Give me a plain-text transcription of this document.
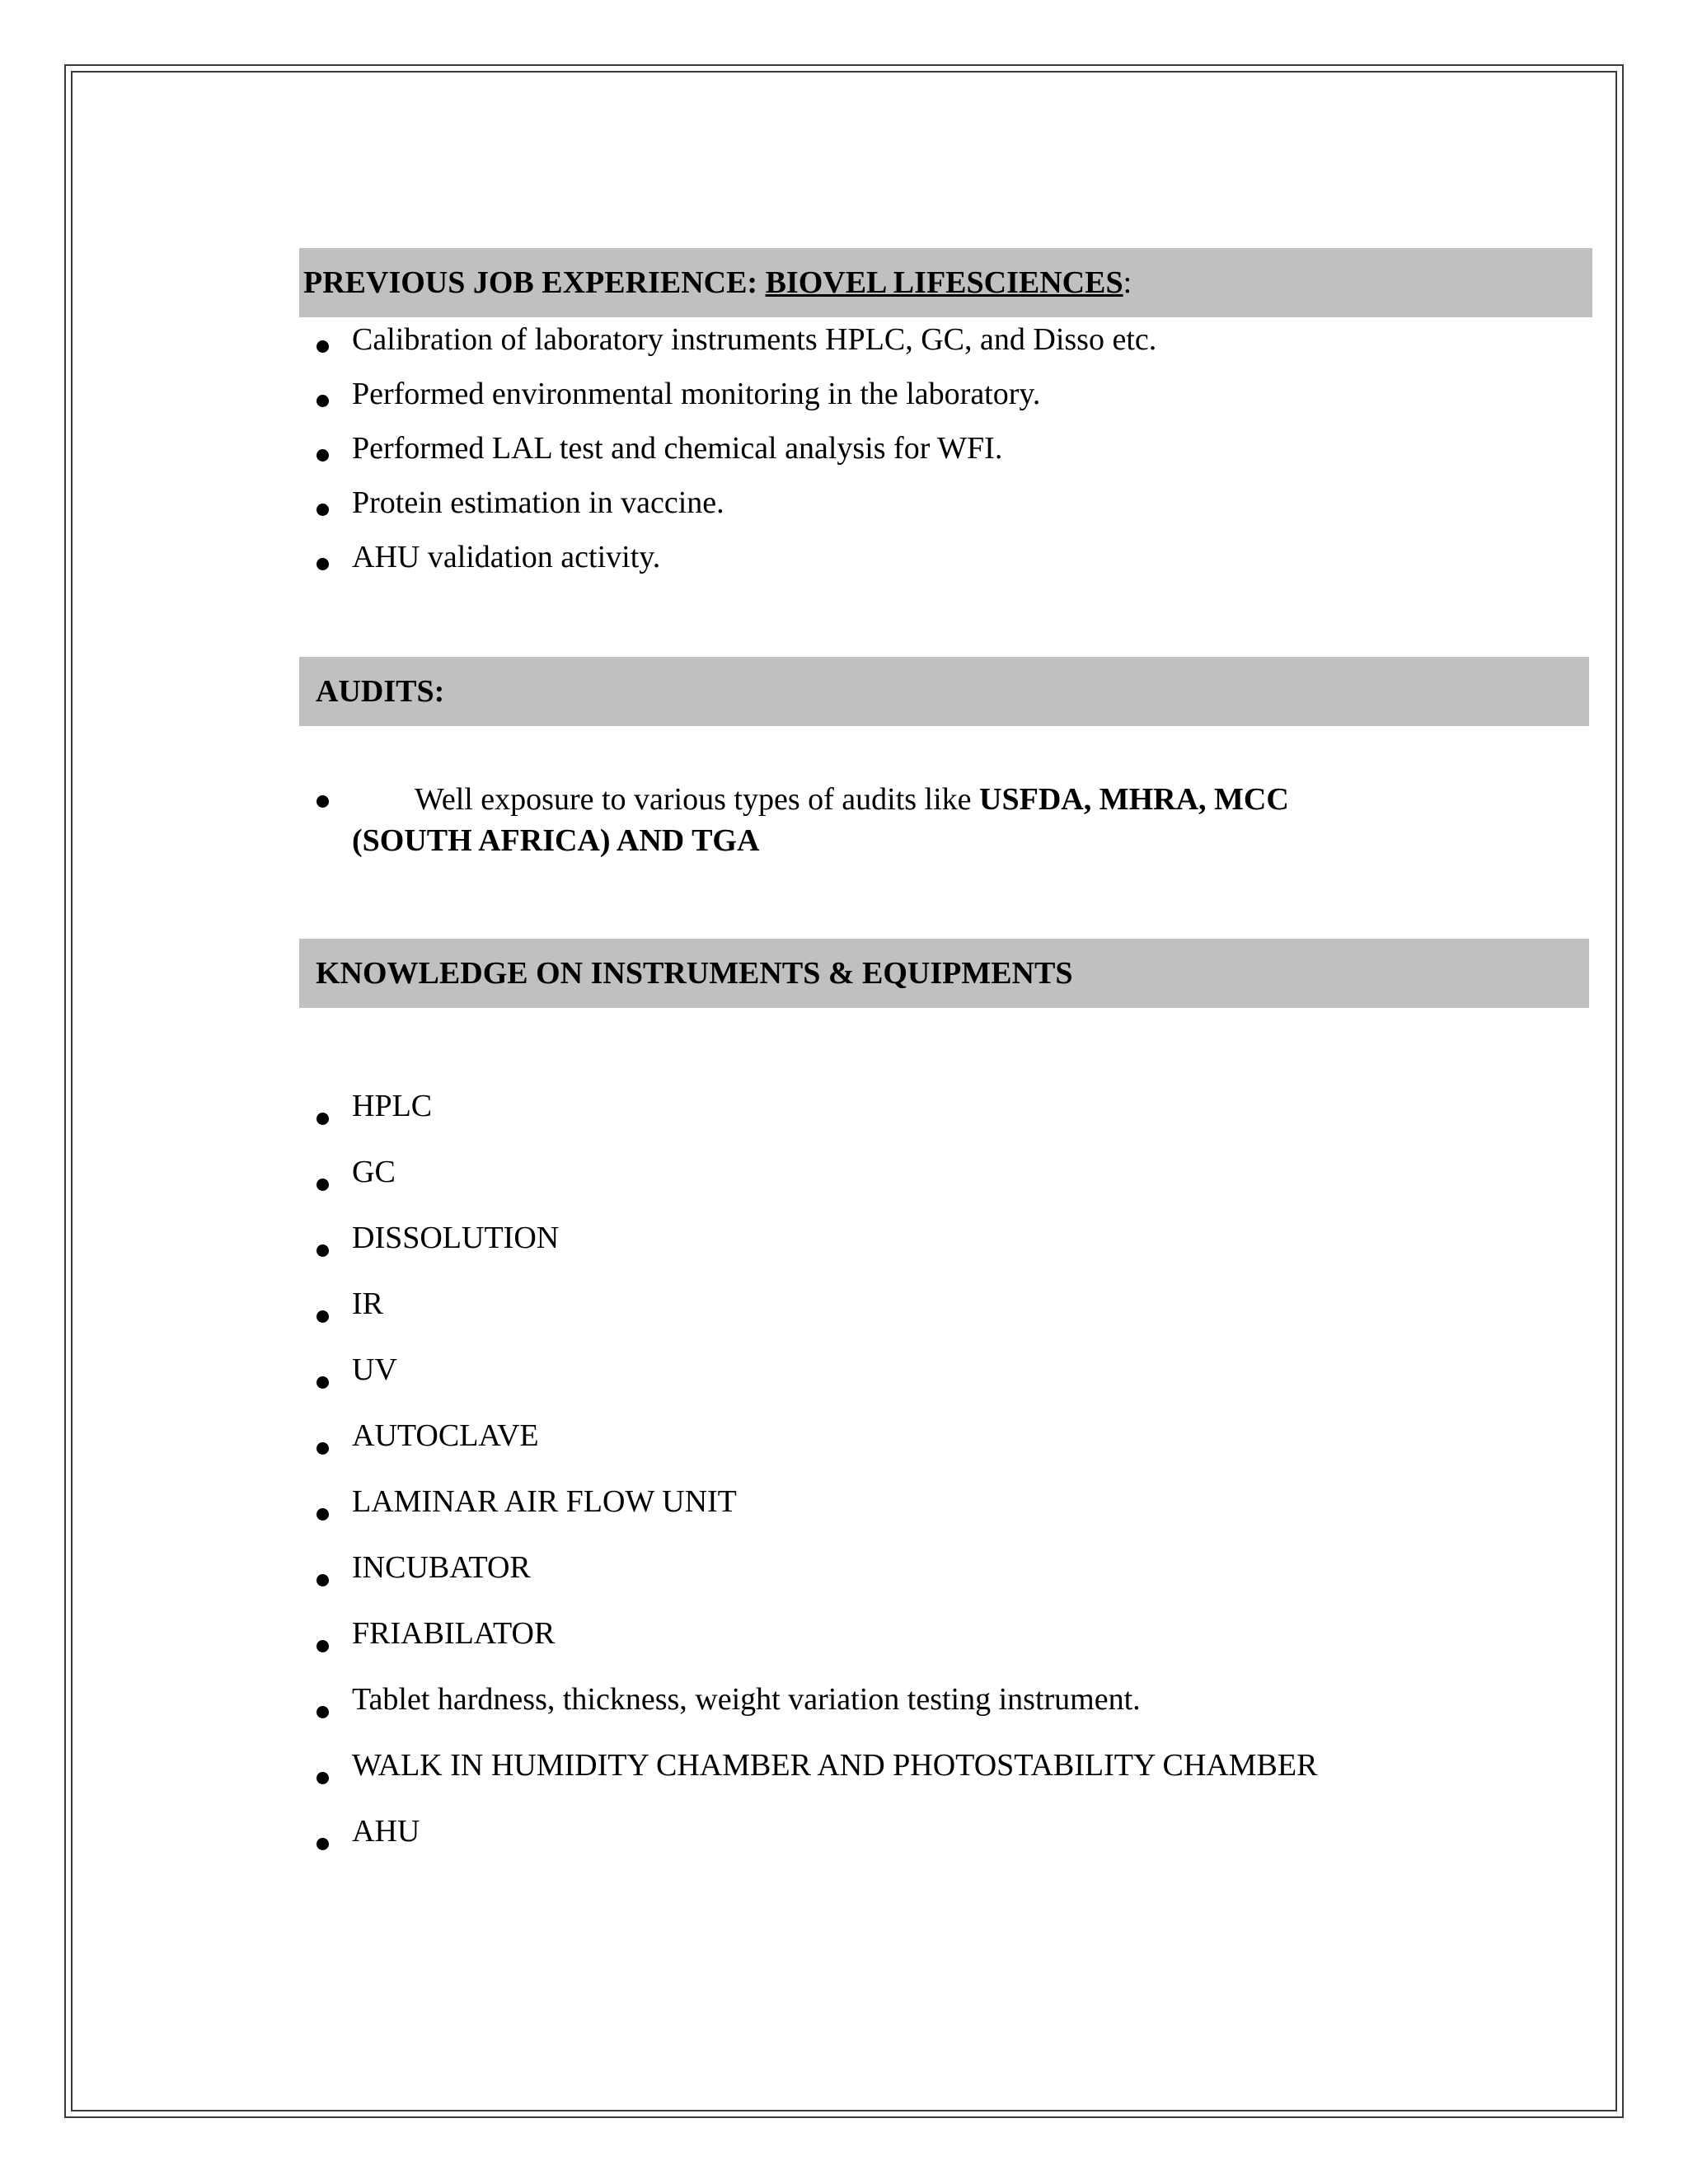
PREVIOUS JOB EXPERIENCE: BIOVEL LIFESCIENCES:
Calibration of laboratory instruments HPLC, GC, and Disso etc.
Performed environmental monitoring in the laboratory.
Performed LAL test and chemical analysis for WFI.
Protein estimation in vaccine.
AHU validation activity.
AUDITS:
Well exposure to various types of audits like USFDA, MHRA, MCC
(SOUTH AFRICA) AND TGA
KNOWLEDGE ON INSTRUMENTS & EQUIPMENTS
HPLC
GC
DISSOLUTION
IR
UV
AUTOCLAVE
LAMINAR AIR FLOW UNIT
INCUBATOR
FRIABILATOR
Tablet hardness, thickness, weight variation testing instrument.
WALK IN HUMIDITY CHAMBER AND PHOTOSTABILITY CHAMBER
AHU
